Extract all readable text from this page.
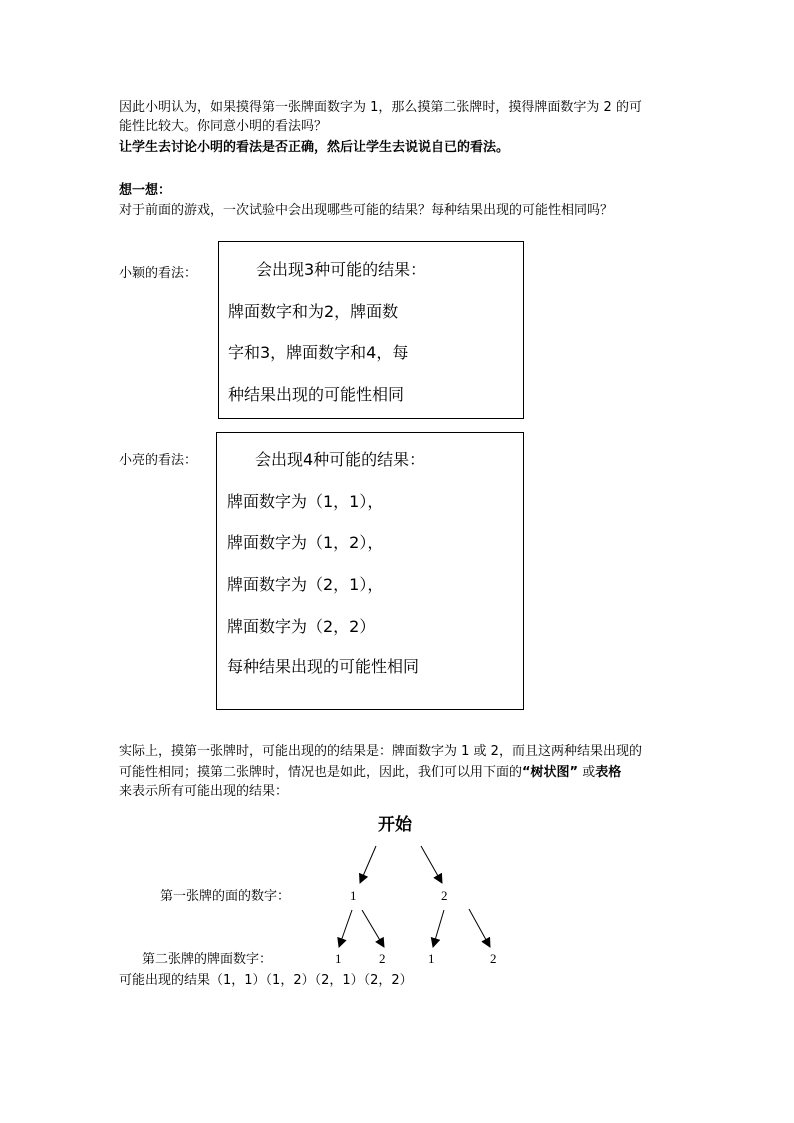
因此小明认为，如果摸得第一张牌面数字为 1，那么摸第二张牌时，摸得牌面数字为 2 的可
能性比较大。你同意小明的看法吗？
让学生去讨论小明的看法是否正确，然后让学生去说说自已的看法。
想一想：
对于前面的游戏，一次试验中会出现哪些可能的结果？每种结果出现的可能性相同吗？
小颖的看法：	会出现3种可能的结果：
牌面数字和为2，牌面数
字和3，牌面数字和4，每
种结果出现的可能性相同
小亮的看法：	会出现4种可能的结果：
牌面数字为（1，1），
牌面数字为（1，2），
牌面数字为（2，1），
牌面数字为（2，2）
每种结果出现的可能性相同
实际上，摸第一张牌时，可能出现的的结果是：牌面数字为 1 或 2，而且这两种结果出现的
可能性相同；摸第二张牌时，情况也是如此，因此，我们可以用下面的“树状图” 或表格
来表示所有可能出现的结果：
开始
第一张牌的面的数字：	1	2
第二张牌的牌面数字：	1	2	1	2
可能出现的结果（1，1）（1，2）（2，1）（2，2）
